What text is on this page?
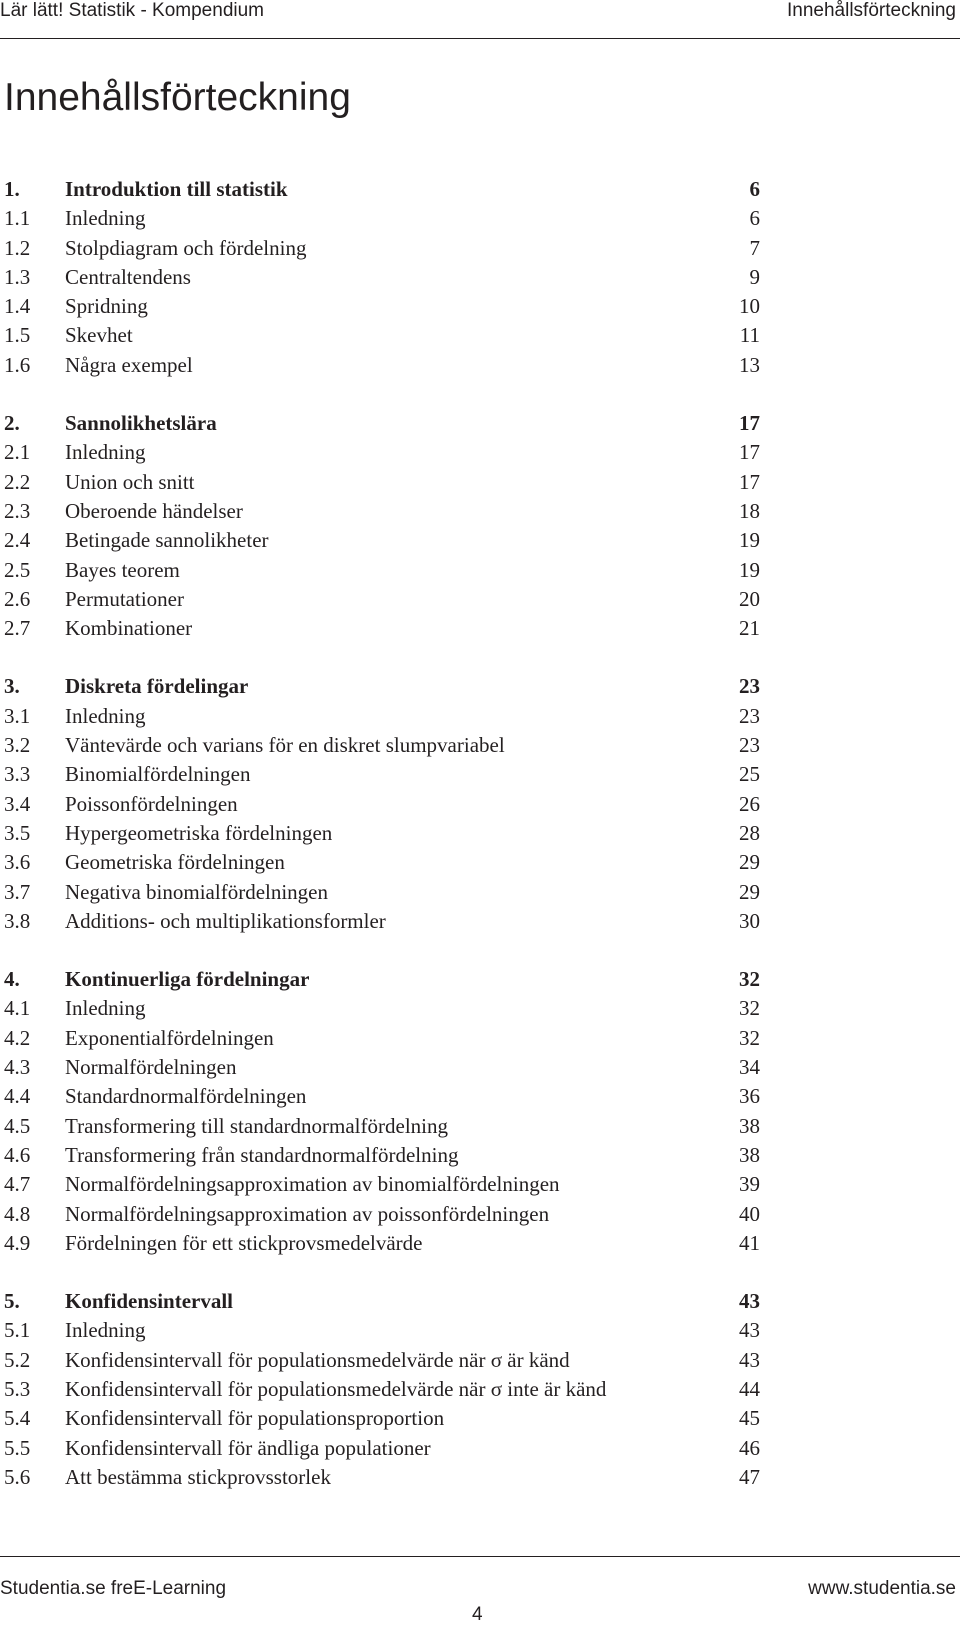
Lär lätt! Statistik - Kompendium	Innehållsförteckning
Innehållsförteckning
1. Introduktion till statistik	6
1.1 Inledning	6
1.2 Stolpdiagram och fördelning	7
1.3 Centraltendens	9
1.4 Spridning	10
1.5 Skevhet	11
1.6 Några exempel	13
2. Sannolikhetslära	17
2.1 Inledning	17
2.2 Union och snitt	17
2.3 Oberoende händelser	18
2.4 Betingade sannolikheter	19
2.5 Bayes teorem	19
2.6 Permutationer	20
2.7 Kombinationer	21
3. Diskreta fördelingar	23
3.1 Inledning	23
3.2 Väntevärde och varians för en diskret slumpvariabel	23
3.3 Binomialfördelningen	25
3.4 Poissonfördelningen	26
3.5 Hypergeometriska fördelningen	28
3.6 Geometriska fördelningen	29
3.7 Negativa binomialfördelningen	29
3.8 Additions- och multiplikationsformler	30
4. Kontinuerliga fördelningar	32
4.1 Inledning	32
4.2 Exponentialfördelningen	32
4.3 Normalfördelningen	34
4.4 Standardnormalfördelningen	36
4.5 Transformering till standardnormalfördelning	38
4.6 Transformering från standardnormalfördelning	38
4.7 Normalfördelningsapproximation av binomialfördelningen	39
4.8 Normalfördelningsapproximation av poissonfördelningen	40
4.9 Fördelningen för ett stickprovsmedelvärde	41
5. Konfidensintervall	43
5.1 Inledning	43
5.2 Konfidensintervall för populationsmedelvärde när σ är känd	43
5.3 Konfidensintervall för populationsmedelvärde när σ inte är känd	44
5.4 Konfidensintervall för populationsproportion	45
5.5 Konfidensintervall för ändliga populationer	46
5.6 Att bestämma stickprovsstorlek	47
Studentia.se freE-Learning	www.studentia.se
4
